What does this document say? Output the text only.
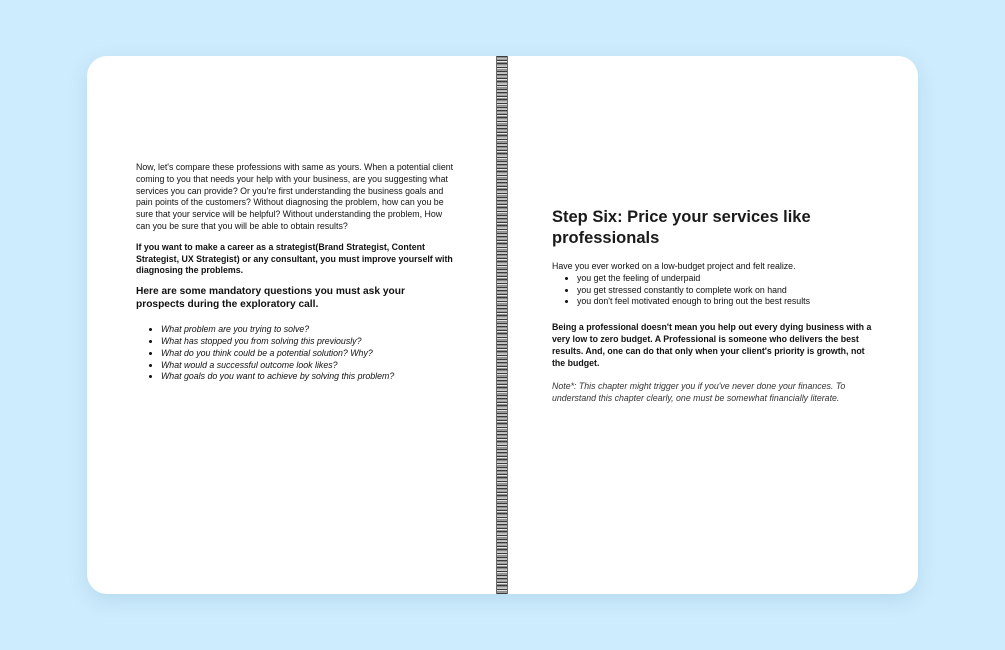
Now, let's compare these professions with same as yours. When a potential client coming to you that needs your help with your business, are you suggesting what services you can provide? Or you're first understanding the business goals and pain points of the customers? Without diagnosing the problem, how can you be sure that your service will be helpful? Without understanding the problem, How can you be sure that you will be able to obtain results?

If you want to make a career as a strategist(Brand Strategist, Content Strategist, UX Strategist) or any consultant, you must improve yourself with diagnosing the problems.

Here are some mandatory questions you must ask your prospects during the exploratory call.

• What problem are you trying to solve?
• What has stopped you from solving this previously?
• What do you think could be a potential solution? Why?
• What would a successful outcome look likes?
• What goals do you want to achieve by solving this problem?
Step Six: Price your services like professionals

Have you ever worked on a low-budget project and felt realize.

• you get the feeling of underpaid
• you get stressed constantly to complete work on hand
• you don't feel motivated enough to bring out the best results

Being a professional doesn't mean you help out every dying business with a very low to zero budget. A Professional is someone who delivers the best results. And, one can do that only when your client's priority is growth, not the budget.

Note*: This chapter might trigger you if you've never done your finances. To understand this chapter clearly, one must be somewhat financially literate.
